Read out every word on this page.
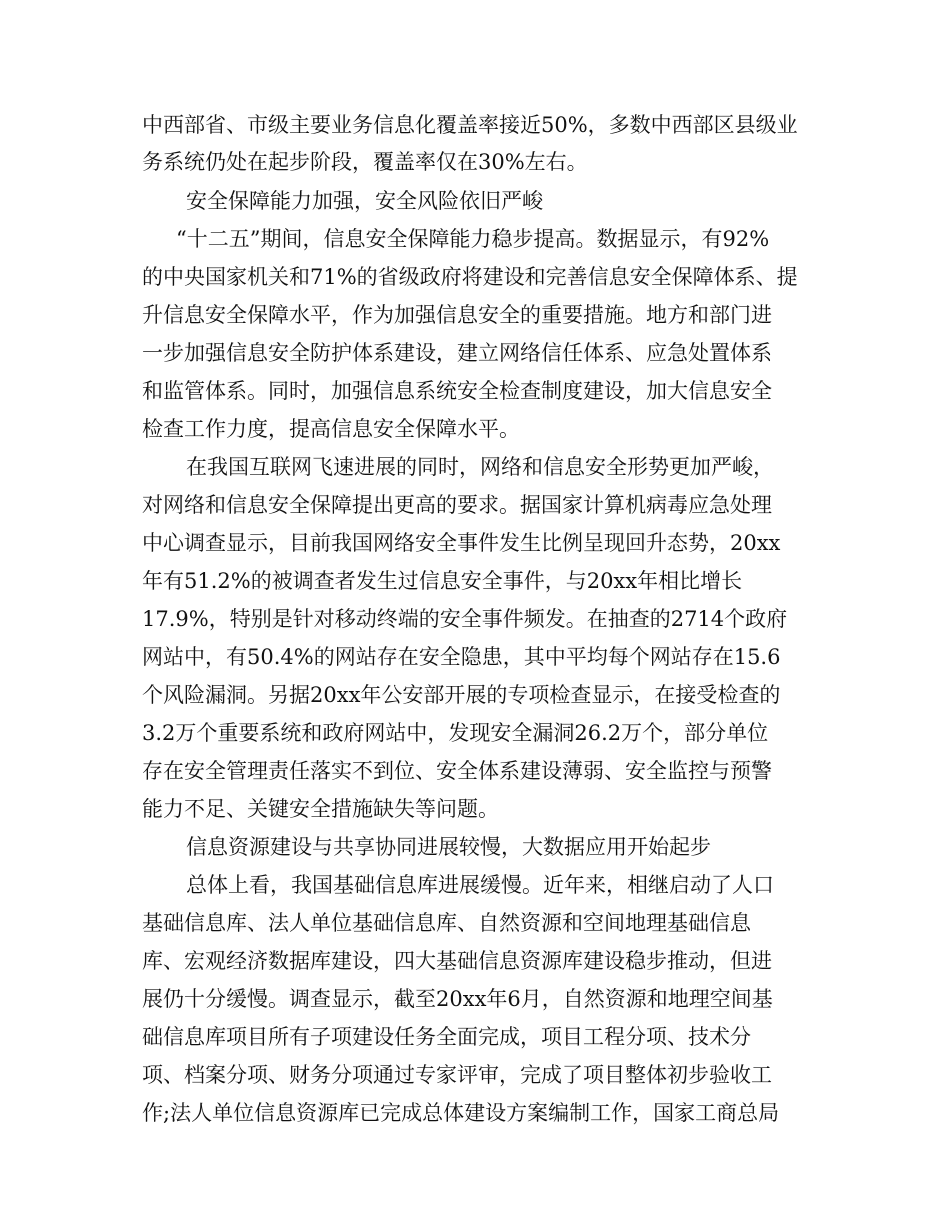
中西部省、市级主要业务信息化覆盖率接近50%，多数中西部区县级业
务系统仍处在起步阶段，覆盖率仅在30%左右。
安全保障能力加强，安全风险依旧严峻
“十二五”期间，信息安全保障能力稳步提高。数据显示，有92%
的中央国家机关和71%的省级政府将建设和完善信息安全保障体系、提
升信息安全保障水平，作为加强信息安全的重要措施。地方和部门进
一步加强信息安全防护体系建设，建立网络信任体系、应急处置体系
和监管体系。同时，加强信息系统安全检查制度建设，加大信息安全
检查工作力度，提高信息安全保障水平。
在我国互联网飞速进展的同时，网络和信息安全形势更加严峻，
对网络和信息安全保障提出更高的要求。据国家计算机病毒应急处理
中心调查显示，目前我国网络安全事件发生比例呈现回升态势，20xx
年有51.2%的被调查者发生过信息安全事件，与20xx年相比增长
17.9%，特别是针对移动终端的安全事件频发。在抽查的2714个政府
网站中，有50.4%的网站存在安全隐患，其中平均每个网站存在15.6
个风险漏洞。另据20xx年公安部开展的专项检查显示，在接受检查的
3.2万个重要系统和政府网站中，发现安全漏洞26.2万个，部分单位
存在安全管理责任落实不到位、安全体系建设薄弱、安全监控与预警
能力不足、关键安全措施缺失等问题。
信息资源建设与共享协同进展较慢，大数据应用开始起步
总体上看，我国基础信息库进展缓慢。近年来，相继启动了人口
基础信息库、法人单位基础信息库、自然资源和空间地理基础信息
库、宏观经济数据库建设，四大基础信息资源库建设稳步推动，但进
展仍十分缓慢。调查显示，截至20xx年6月，自然资源和地理空间基
础信息库项目所有子项建设任务全面完成，项目工程分项、技术分
项、档案分项、财务分项通过专家评审，完成了项目整体初步验收工
作;法人单位信息资源库已完成总体建设方案编制工作，国家工商总局
